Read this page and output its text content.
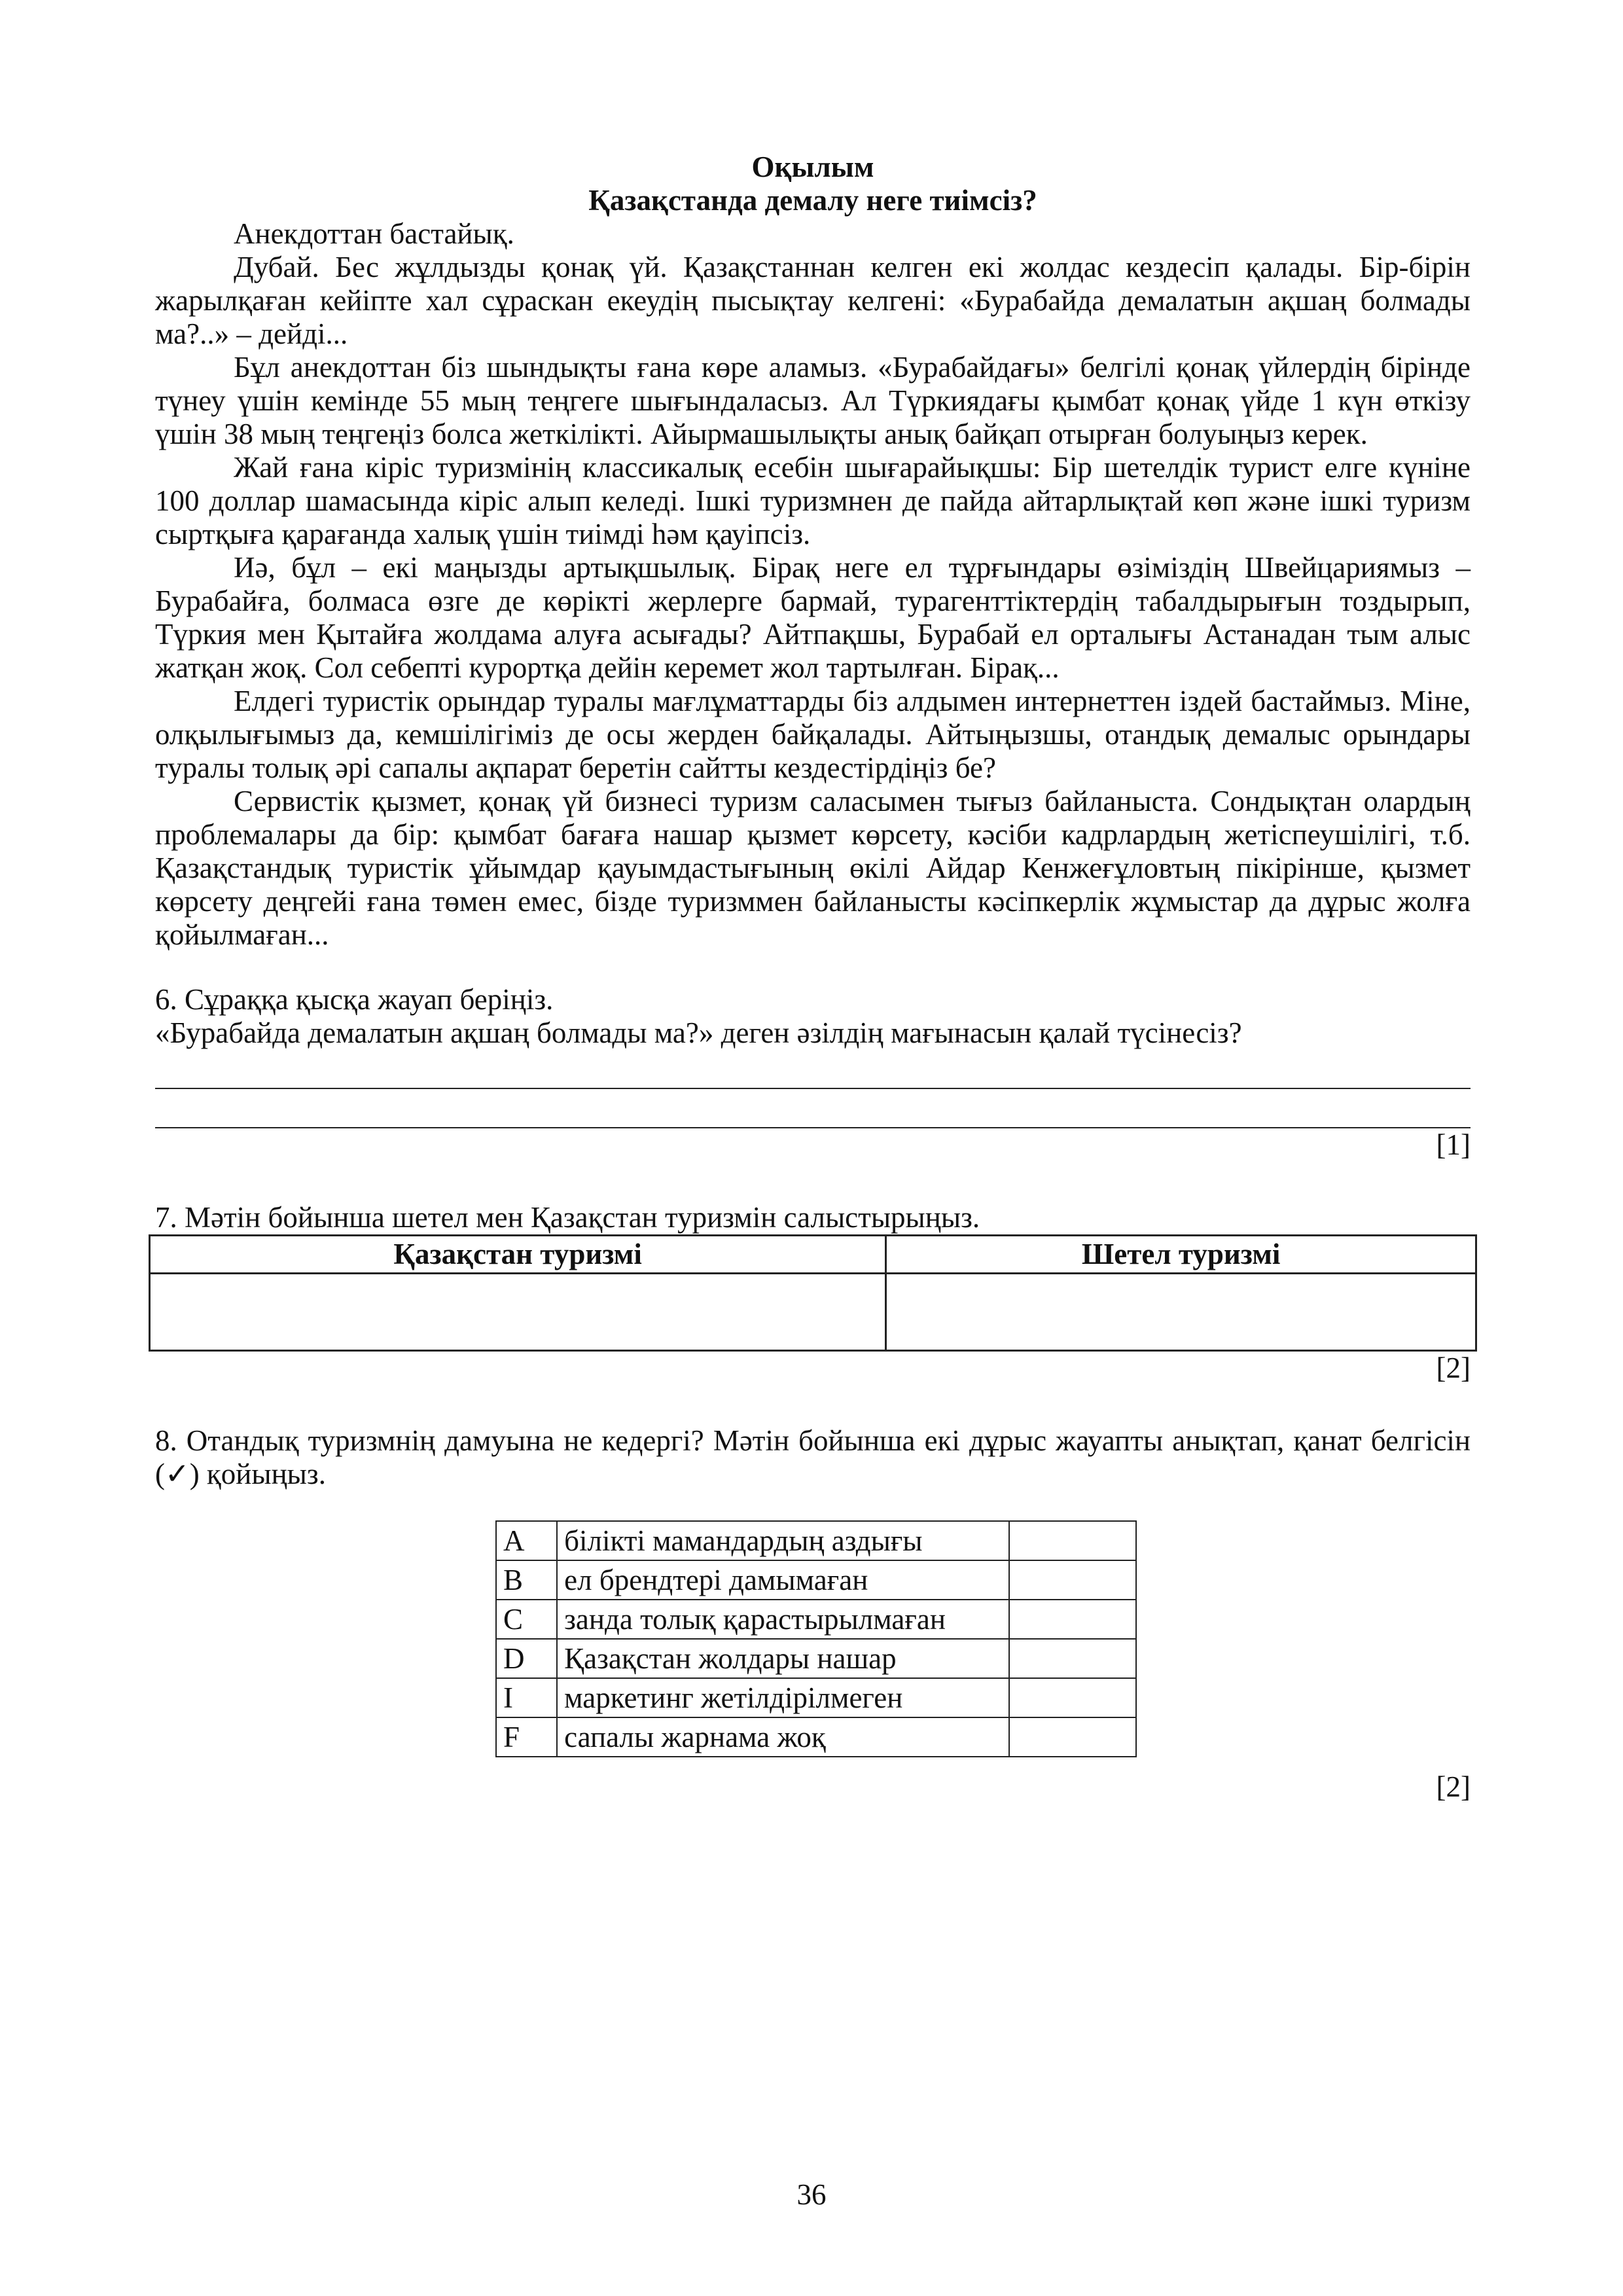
Оқылым

Қазақстанда демалу неге тиімсіз?

Анекдоттан бастайық.

Дубай. Бес жұлдызды қонақ үй. Қазақстаннан келген екі жолдас кездесіп қалады. Бір-бірін жарылқаған кейіпте хал сұраскан екеудің пысықтау келгені: «Бурабайда демалатын ақшаң болмады ма?..» – дейді...

Бұл анекдоттан біз шындықты ғана көре аламыз. «Бурабайдағы» белгілі қонақ үйлердің бірінде түнеу үшін кемінде 55 мың теңгеге шығындаласыз. Ал Түркиядағы қымбат қонақ үйде 1 күн өткізу үшін 38 мың теңгеңіз болса жеткілікті. Айырмашылықты анық байқап отырған болуыңыз керек.

Жай ғана кіріс туризмінің классикалық есебін шығарайықшы: Бір шетелдік турист елге күніне 100 доллар шамасында кіріс алып келеді. Ішкі туризмнен де пайда айтарлықтай көп және ішкі туризм сыртқыға қарағанда халық үшін тиімді һәм қауіпсіз.

Иә, бұл – екі маңызды артықшылық. Бірақ неге ел тұрғындары өзіміздің Швейцариямыз – Бурабайға, болмаса өзге де көрікті жерлерге бармай, турагенттіктердің табалдырығын тоздырып, Түркия мен Қытайға жолдама алуға асығады? Айтпақшы, Бурабай ел орталығы Астанадан тым алыс жатқан жоқ. Сол себепті курортқа дейін керемет жол тартылған. Бірақ...

Елдегі туристік орындар туралы мағлұматтарды біз алдымен интернеттен іздей бастаймыз. Міне, олқылығымыз да, кемшілігіміз де осы жерден байқалады. Айтыңызшы, отандық демалыс орындары туралы толық әрі сапалы ақпарат беретін сайтты кездестірдіңіз бе?

Сервистік қызмет, қонақ үй бизнесі туризм саласымен тығыз байланыста. Сондықтан олардың проблемалары да бір: қымбат бағаға нашар қызмет көрсету, кәсіби кадрлардың жетіспеушілігі, т.б. Қазақстандық туристік ұйымдар қауымдастығының өкілі Айдар Кенжеғұловтың пікірінше, қызмет көрсету деңгейі ғана төмен емес, бізде туризммен байланысты кәсіпкерлік жұмыстар да дұрыс жолға қойылмаған...

6. Сұраққа қысқа жауап беріңіз.

«Бурабайда демалатын ақшаң болмады ма?» деген әзілдің мағынасын қалай түсінесіз?

[1]

7. Мәтін бойынша шетел мен Қазақстан туризмін салыстырыңыз.

Қазақстан туризмі	Шетел туризмі

[2]

8. Отандық туризмнің дамуына не кедергі? Мәтін бойынша екі дұрыс жауапты анықтап, қанат белгісін (✓) қойыңыз.

A	білікті мамандардың аздығы	
B	ел брендтері дамымаған	
C	занда толық қарастырылмаған	
D	Қазақстан жолдары нашар	
I	маркетинг жетілдірілмеген	
F	сапалы жарнама жоқ	

[2]

36
